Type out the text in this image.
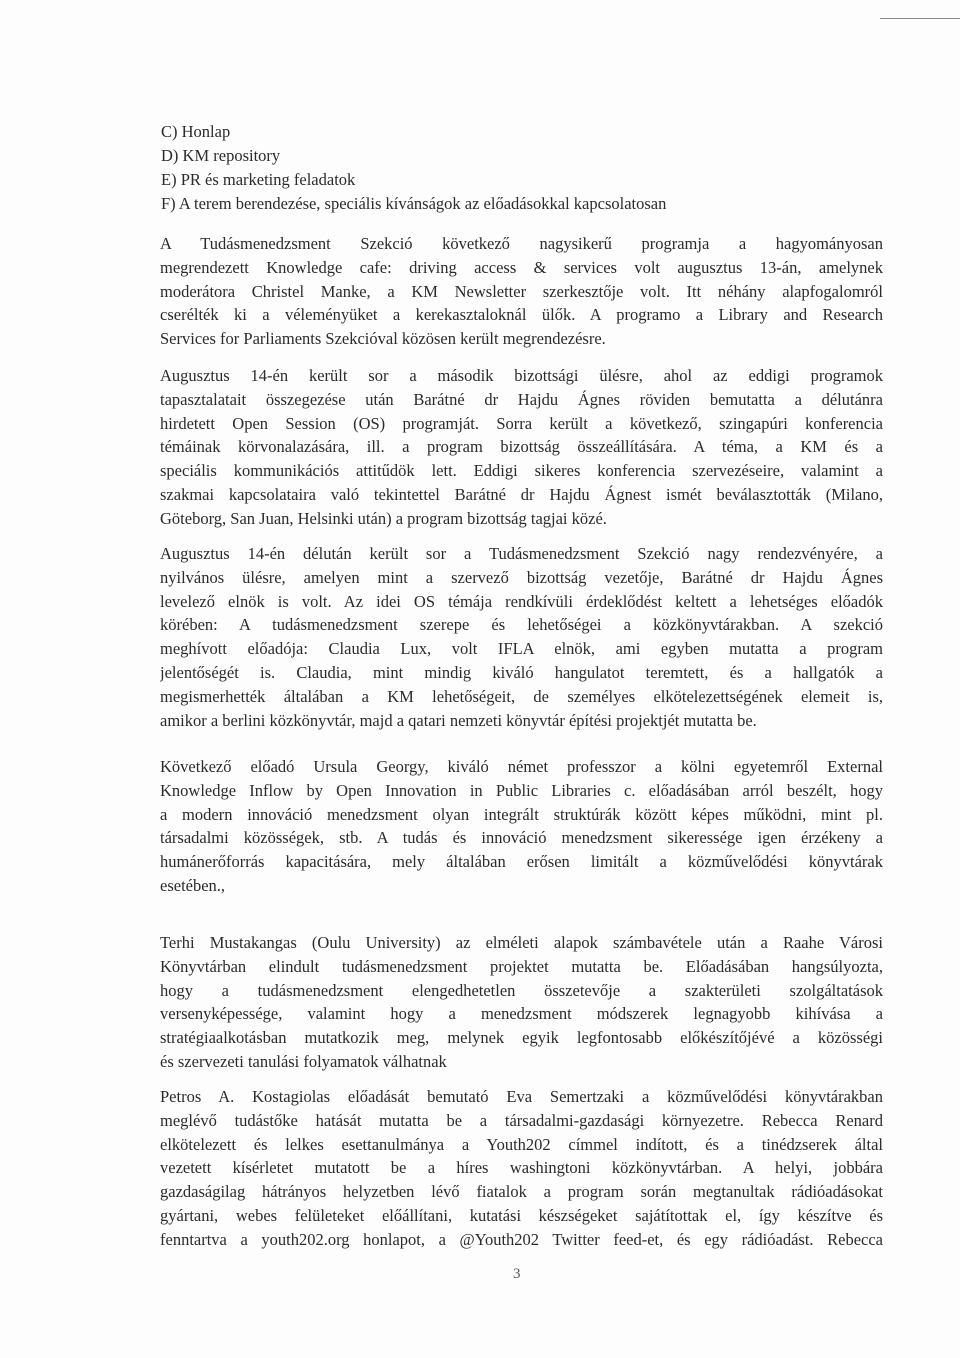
C) Honlap
D) KM repository
E) PR és marketing feladatok
F) A terem berendezése, speciális kívánságok az előadásokkal kapcsolatosan

A Tudásmenedzsment Szekció következő nagysikerű programja a hagyományosan
megrendezett Knowledge cafe: driving access & services volt augusztus 13-án, amelynek
moderátora Christel Manke, a KM Newsletter szerkesztője volt. Itt néhány alapfogalomról
cserélték ki a véleményüket a kerekasztaloknál ülők. A programo a Library and Research
Services for Parliaments Szekcióval közösen került megrendezésre.

Augusztus 14-én került sor a második bizottsági ülésre, ahol az eddigi programok
tapasztalatait összegezése után Barátné dr Hajdu Ágnes röviden bemutatta a délutánra
hirdetett Open Session (OS) programját. Sorra került a következő, szingapúri konferencia
témáinak körvonalazására, ill. a program bizottság összeállítására. A téma, a KM és a
speciális kommunikációs attitűdök lett. Eddigi sikeres konferencia szervezéseire, valamint a
szakmai kapcsolataira való tekintettel Barátné dr Hajdu Ágnest ismét beválasztották (Milano,
Göteborg, San Juan, Helsinki után) a program bizottság tagjai közé.

Augusztus 14-én délután került sor a Tudásmenedzsment Szekció nagy rendezvényére, a
nyilvános ülésre, amelyen mint a szervező bizottság vezetője, Barátné dr Hajdu Ágnes
levelező elnök is volt. Az idei OS témája rendkívüli érdeklődést keltett a lehetséges előadók
körében: A tudásmenedzsment szerepe és lehetőségei a közkönyvtárakban. A szekció
meghívott előadója: Claudia Lux, volt IFLA elnök, ami egyben mutatta a program
jelentőségét is. Claudia, mint mindig kiváló hangulatot teremtett, és a hallgatók a
megismerhették általában a KM lehetőségeit, de személyes elkötelezettségének elemeit is,
amikor a berlini közkönyvtár, majd a qatari nemzeti könyvtár építési projektjét mutatta be.

Következő előadó Ursula Georgy, kiváló német professzor a kölni egyetemről External
Knowledge Inflow by Open Innovation in Public Libraries c. előadásában arról beszélt, hogy
a modern innováció menedzsment olyan integrált struktúrák között képes működni, mint pl.
társadalmi közösségek, stb. A tudás és innováció menedzsment sikeressége igen érzékeny a
humánerőforrás kapacitására, mely általában erősen limitált a közművelődési könyvtárak
esetében.,

Terhi Mustakangas (Oulu University) az elméleti alapok számbavétele után a Raahe Városi
Könyvtárban elindult tudásmenedzsment projektet mutatta be. Előadásában hangsúlyozta,
hogy a tudásmenedzsment elengedhetetlen összetevője a szakterületi szolgáltatások
versenyképessége, valamint hogy a menedzsment módszerek legnagyobb kihívása a
stratégiaalkotásban mutatkozik meg, melynek egyik legfontosabb előkészítőjévé a közösségi
és szervezeti tanulási folyamatok válhatnak

Petros A. Kostagiolas előadását bemutató Eva Semertzaki a közművelődési könyvtárakban
meglévő tudástőke hatását mutatta be a társadalmi-gazdasági környezetre. Rebecca Renard
elkötelezett és lelkes esettanulmánya a Youth202 címmel indított, és a tinédzserek által
vezetett kísérletet mutatott be a híres washingtoni közkönyvtárban. A helyi, jobbára
gazdaságilag hátrányos helyzetben lévő fiatalok a program során megtanultak rádióadásokat
gyártani, webes felületeket előállítani, kutatási készségeket sajátítottak el, így készítve és
fenntartva a youth202.org honlapot, a @Youth202 Twitter feed-et, és egy rádióadást. Rebecca

3
